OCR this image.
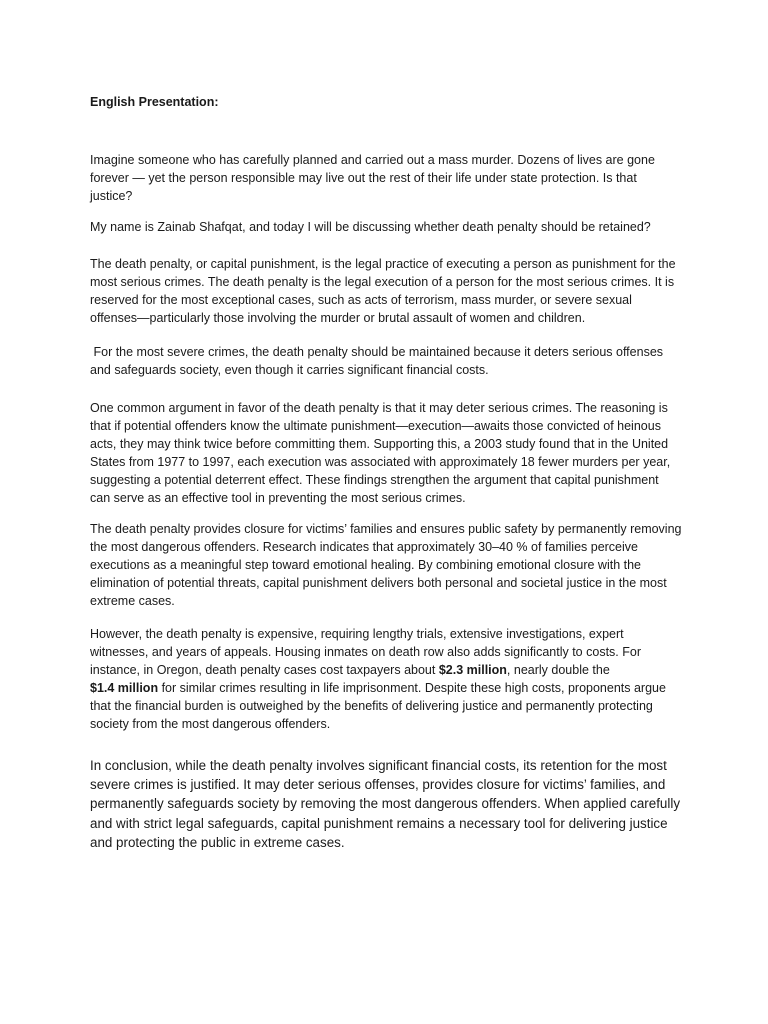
English Presentation:

Imagine someone who has carefully planned and carried out a mass murder. Dozens of lives are gone forever — yet the person responsible may live out the rest of their life under state protection. Is that justice?

My name is Zainab Shafqat, and today I will be discussing whether death penalty should be retained?

The death penalty, or capital punishment, is the legal practice of executing a person as punishment for the most serious crimes. The death penalty is the legal execution of a person for the most serious crimes. It is reserved for the most exceptional cases, such as acts of terrorism, mass murder, or severe sexual offenses—particularly those involving the murder or brutal assault of women and children.

For the most severe crimes, the death penalty should be maintained because it deters serious offenses and safeguards society, even though it carries significant financial costs.

One common argument in favor of the death penalty is that it may deter serious crimes. The reasoning is that if potential offenders know the ultimate punishment—execution—awaits those convicted of heinous acts, they may think twice before committing them. Supporting this, a 2003 study found that in the United States from 1977 to 1997, each execution was associated with approximately 18 fewer murders per year, suggesting a potential deterrent effect. These findings strengthen the argument that capital punishment can serve as an effective tool in preventing the most serious crimes.

The death penalty provides closure for victims’ families and ensures public safety by permanently removing the most dangerous offenders. Research indicates that approximately 30–40 % of families perceive executions as a meaningful step toward emotional healing. By combining emotional closure with the elimination of potential threats, capital punishment delivers both personal and societal justice in the most extreme cases.

However, the death penalty is expensive, requiring lengthy trials, extensive investigations, expert witnesses, and years of appeals. Housing inmates on death row also adds significantly to costs. For instance, in Oregon, death penalty cases cost taxpayers about $2.3 million, nearly double the
$1.4 million for similar crimes resulting in life imprisonment. Despite these high costs, proponents argue that the financial burden is outweighed by the benefits of delivering justice and permanently protecting society from the most dangerous offenders.

In conclusion, while the death penalty involves significant financial costs, its retention for the most severe crimes is justified. It may deter serious offenses, provides closure for victims’ families, and permanently safeguards society by removing the most dangerous offenders. When applied carefully and with strict legal safeguards, capital punishment remains a necessary tool for delivering justice and protecting the public in extreme cases.
